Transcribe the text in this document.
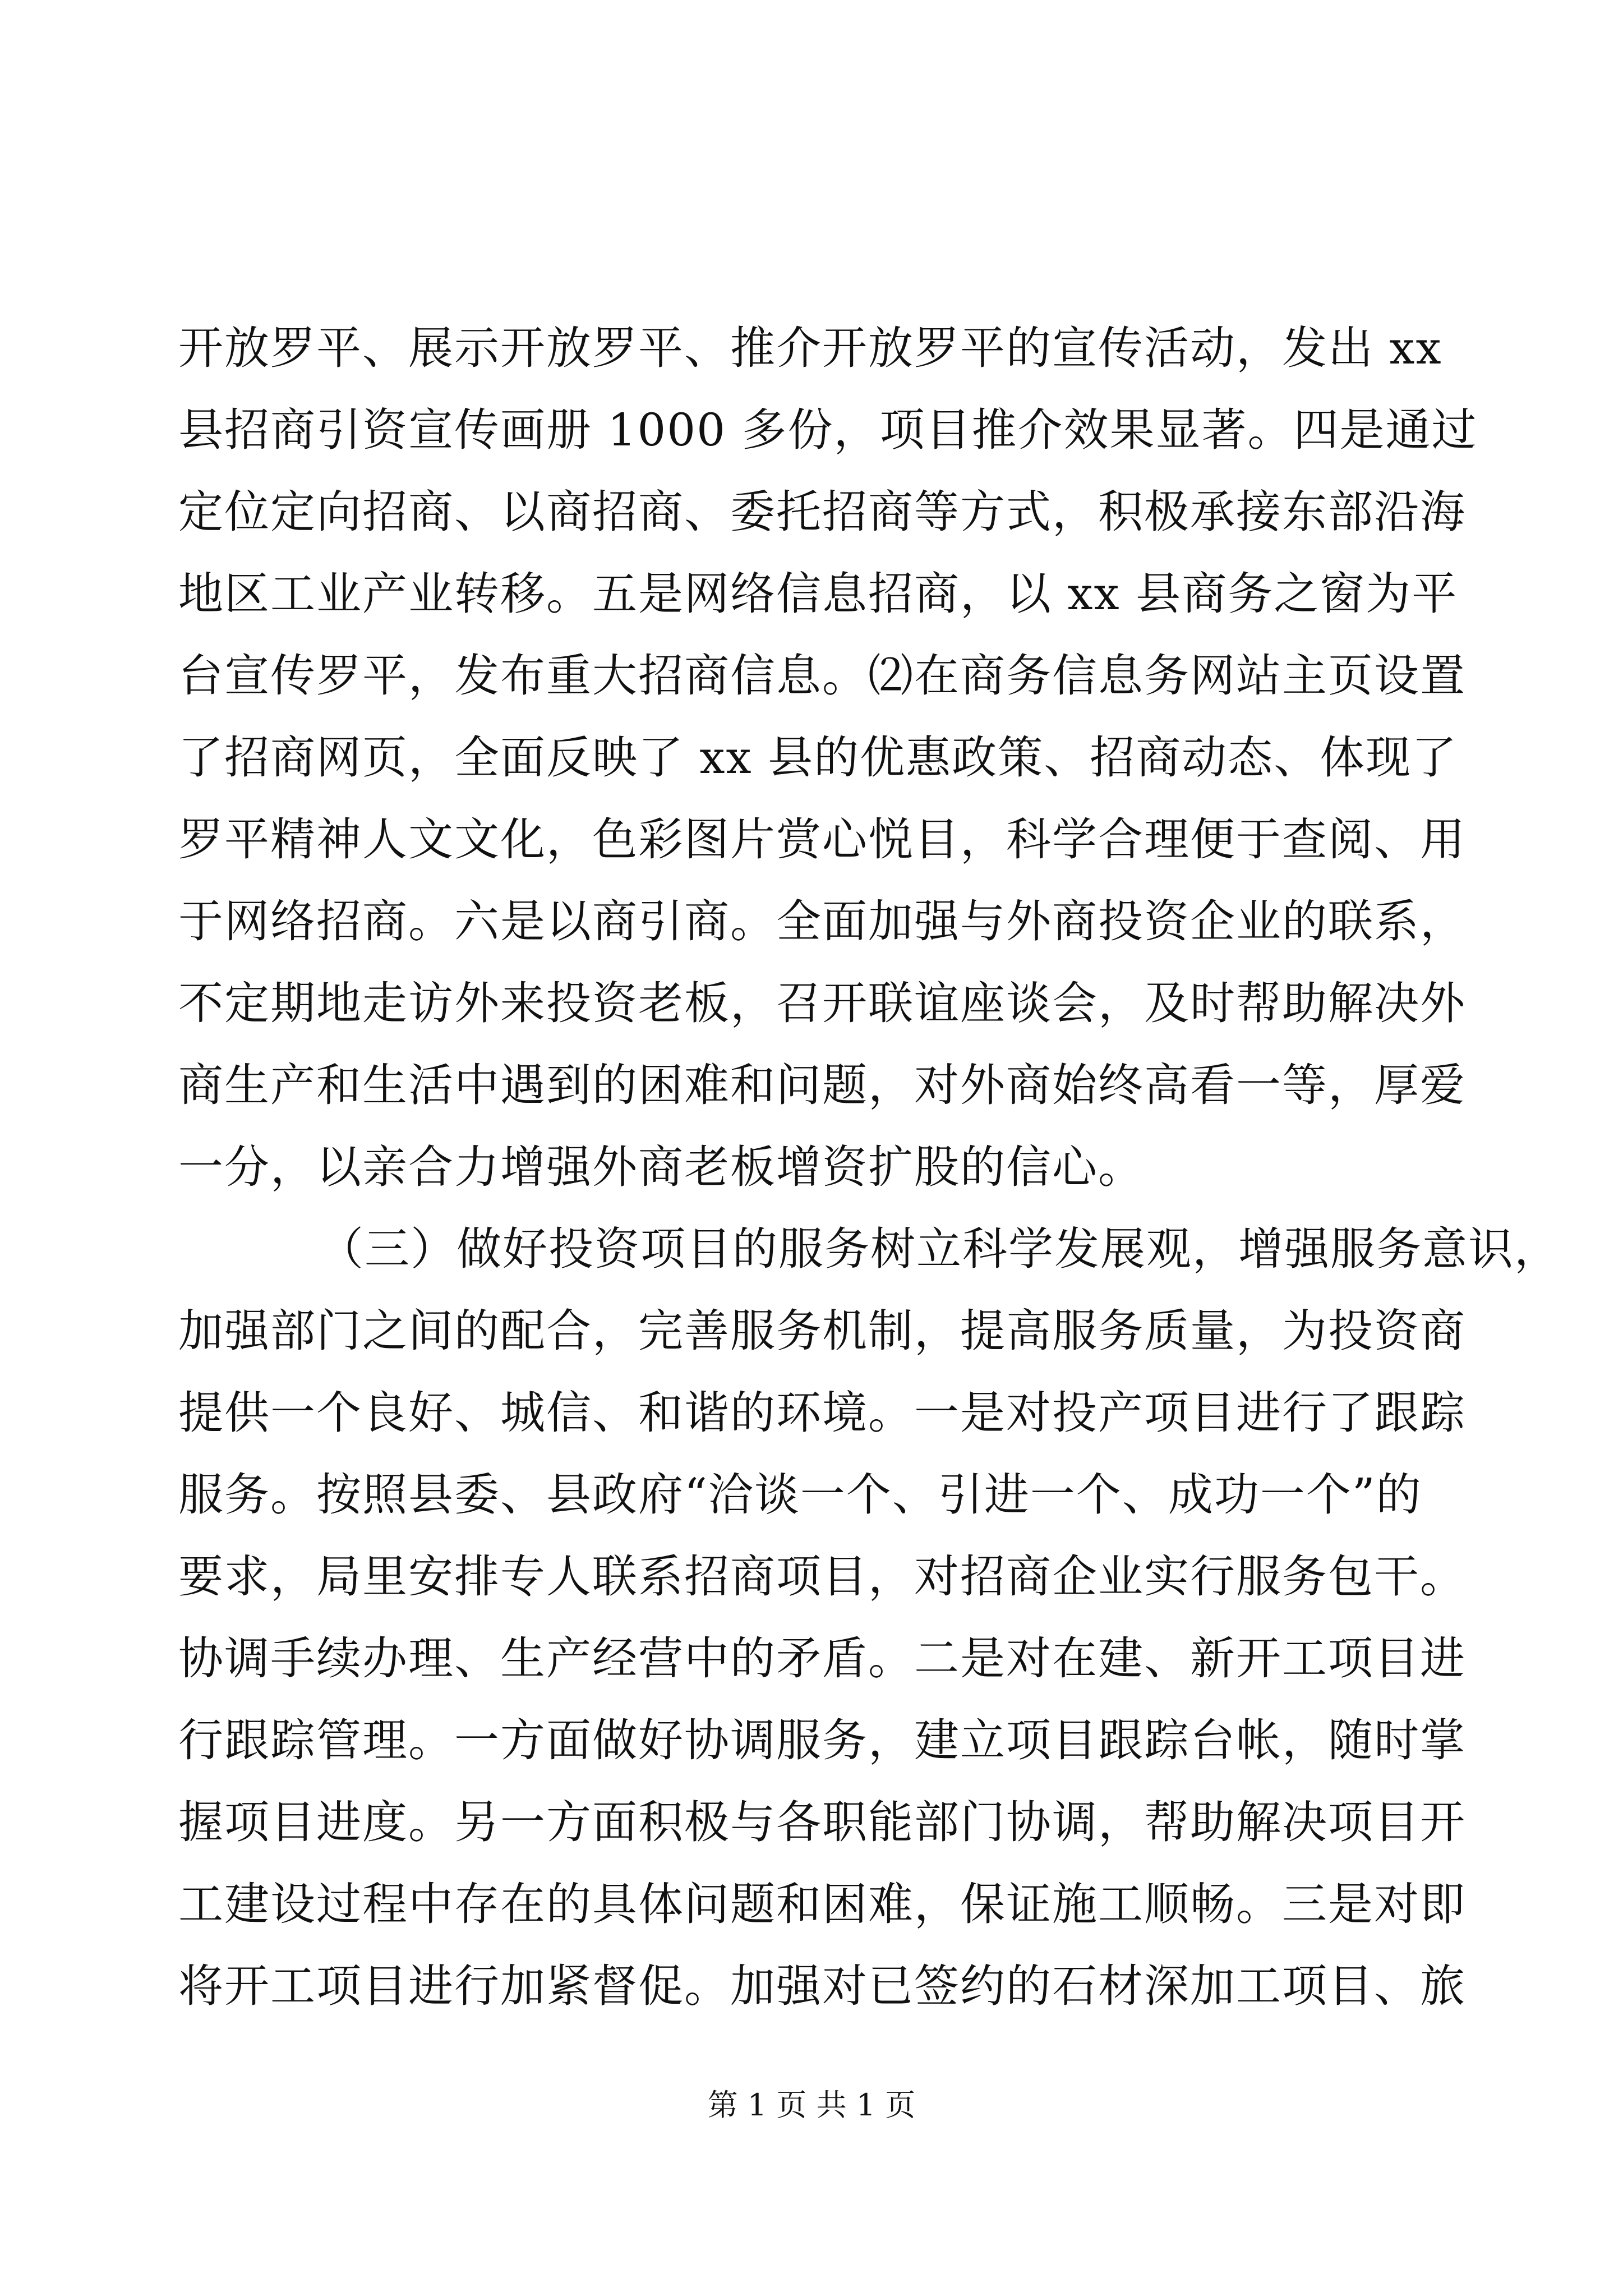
开放罗平、展示开放罗平、推介开放罗平的宣传活动，发出 xx
县招商引资宣传画册 1000 多份，项目推介效果显著。四是通过
定位定向招商、以商招商、委托招商等方式，积极承接东部沿海
地区工业产业转移。五是网络信息招商，以 xx 县商务之窗为平
台宣传罗平，发布重大招商信息。⑵在商务信息务网站主页设置
了招商网页，全面反映了 xx 县的优惠政策、招商动态、体现了
罗平精神人文文化，色彩图片赏心悦目，科学合理便于查阅、用
于网络招商。六是以商引商。全面加强与外商投资企业的联系，
不定期地走访外来投资老板，召开联谊座谈会，及时帮助解决外
商生产和生活中遇到的困难和问题，对外商始终高看一等，厚爱
一分，以亲合力增强外商老板增资扩股的信心。
（三）做好投资项目的服务树立科学发展观，增强服务意识，
加强部门之间的配合，完善服务机制，提高服务质量，为投资商
提供一个良好、城信、和谐的环境。一是对投产项目进行了跟踪
服务。按照县委、县政府“洽谈一个、引进一个、成功一个”的
要求，局里安排专人联系招商项目，对招商企业实行服务包干。
协调手续办理、生产经营中的矛盾。二是对在建、新开工项目进
行跟踪管理。一方面做好协调服务，建立项目跟踪台帐，随时掌
握项目进度。另一方面积极与各职能部门协调，帮助解决项目开
工建设过程中存在的具体问题和困难，保证施工顺畅。三是对即
将开工项目进行加紧督促。加强对已签约的石材深加工项目、旅
第 1 页 共 1 页
